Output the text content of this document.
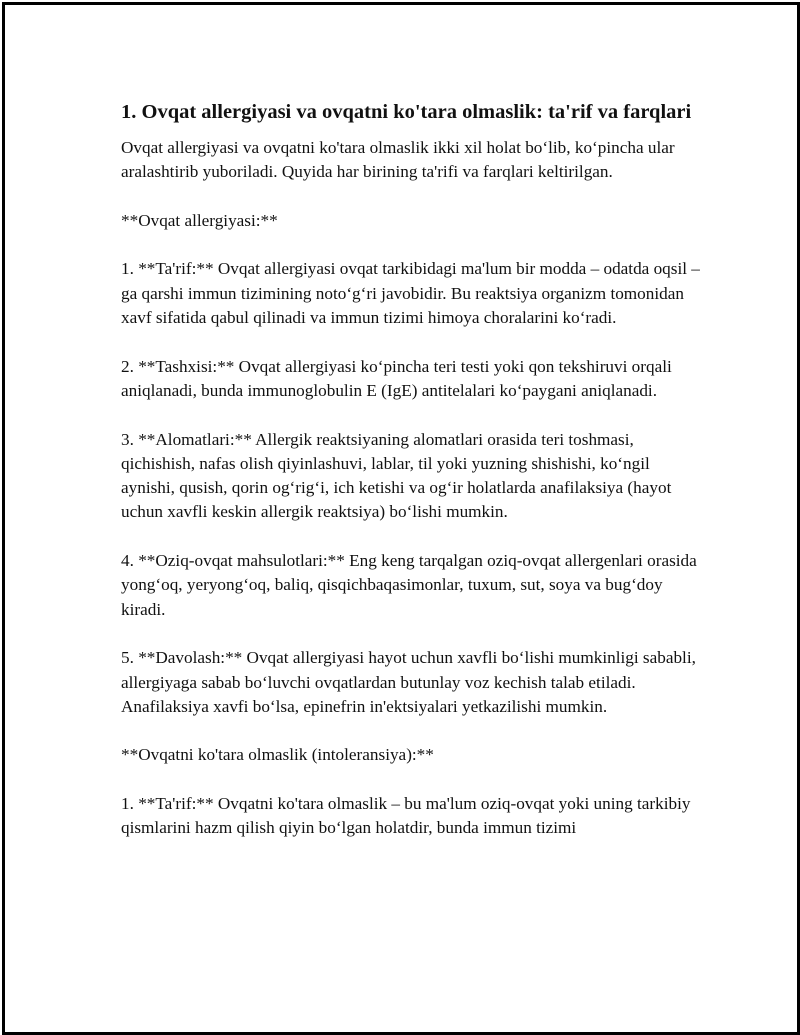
1. Ovqat allergiyasi va ovqatni ko'tara olmaslik: ta'rif va farqlari

Ovqat allergiyasi va ovqatni ko'tara olmaslik ikki xil holat bo‘lib, ko‘pincha ular aralashtirib yuboriladi. Quyida har birining ta'rifi va farqlari keltirilgan.

**Ovqat allergiyasi:**

1. **Ta'rif:** Ovqat allergiyasi ovqat tarkibidagi ma'lum bir modda – odatda oqsil –ga qarshi immun tizimining noto‘g‘ri javobidir. Bu reaktsiya organizm tomonidan xavf sifatida qabul qilinadi va immun tizimi himoya choralarini ko‘radi.

2. **Tashxisi:** Ovqat allergiyasi ko‘pincha teri testi yoki qon tekshiruvi orqali aniqlanadi, bunda immunoglobulin E (IgE) antitelalari ko‘paygani aniqlanadi.

3. **Alomatlari:** Allergik reaktsiyaning alomatlari orasida teri toshmasi, qichishish, nafas olish qiyinlashuvi, lablar, til yoki yuzning shishishi, ko‘ngil aynishi, qusish, qorin og‘rig‘i, ich ketishi va og‘ir holatlarda anafilaksiya (hayot uchun xavfli keskin allergik reaktsiya) bo‘lishi mumkin.

4. **Oziq-ovqat mahsulotlari:** Eng keng tarqalgan oziq-ovqat allergenlari orasida yong‘oq, yeryong‘oq, baliq, qisqichbaqasimonlar, tuxum, sut, soya va bug‘doy kiradi.

5. **Davolash:** Ovqat allergiyasi hayot uchun xavfli bo‘lishi mumkinligi sababli, allergiyaga sabab bo‘luvchi ovqatlardan butunlay voz kechish talab etiladi. Anafilaksiya xavfi bo‘lsa, epinefrin in'ektsiyalari yetkazilishi mumkin.

**Ovqatni ko'tara olmaslik (intoleransiya):**

1. **Ta'rif:** Ovqatni ko'tara olmaslik – bu ma'lum oziq-ovqat yoki uning tarkibiy qismlarini hazm qilish qiyin bo‘lgan holatdir, bunda immun tizimi
